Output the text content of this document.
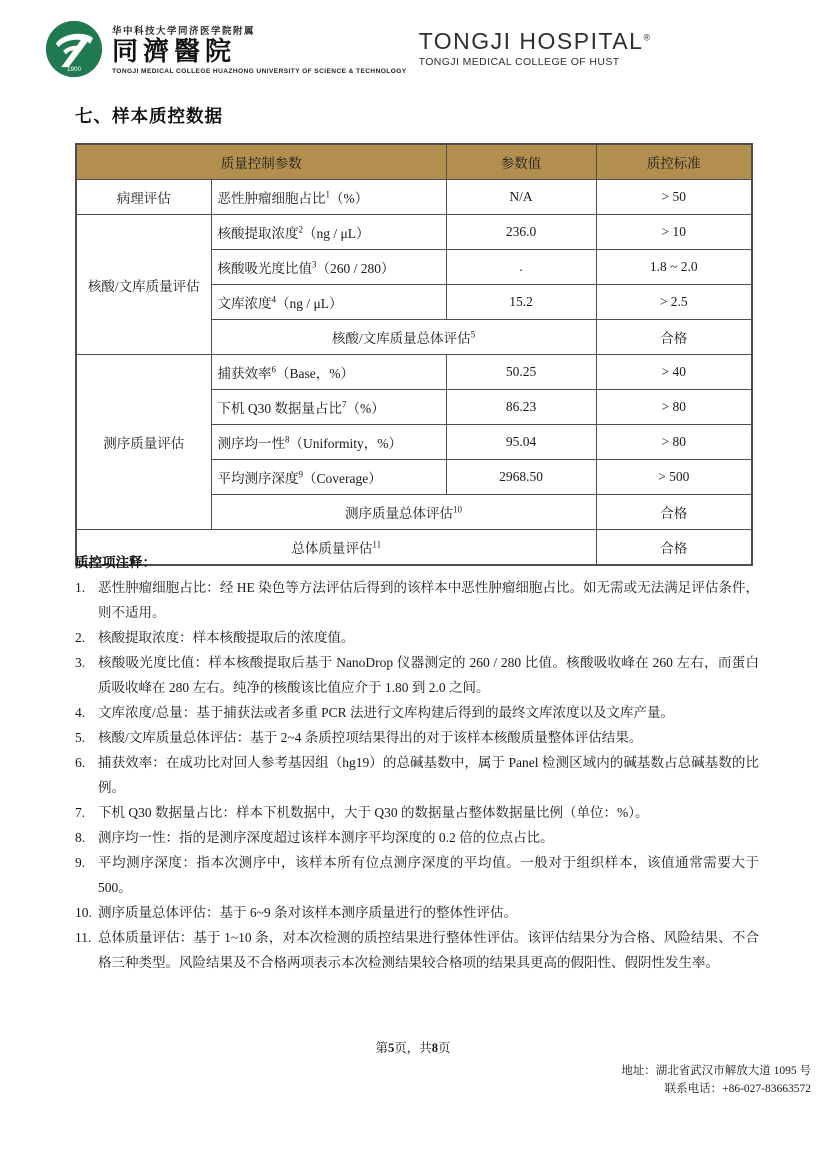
1900
华中科技大学同济医学院附属
同濟醫院
TONGJI MEDICAL COLLEGE HUAZHONG UNIVERSITY OF SCIENCE & TECHNOLOGY
TONGJI HOSPITAL®
TONGJI MEDICAL COLLEGE OF HUST
七、样本质控数据
质量控制参数		参数值	质控标准
病理评估	恶性肿瘤细胞占比$^1$（%）	N/A	> 50
核酸/文库质量评估	核酸提取浓度$^2$（ng / μL）	236.0	> 10
	核酸吸光度比值$^3$（260 / 280）	.	1.8 ~ 2.0
	文库浓度$^4$（ng / μL）	15.2	> 2.5
	核酸/文库质量总体评估$^5$		合格
测序质量评估	捕获效率$^6$（Base，%）	50.25	> 40
	下机 Q30 数据量占比$^7$（%）	86.23	> 80
	测序均一性$^8$（Uniformity，%）	95.04	> 80
	平均测序深度$^9$（Coverage）	2968.50	> 500
	测序质量总体评估$^{10}$		合格
总体质量评估$^{11}$			合格
质控项注释：
1. 恶性肿瘤细胞占比：经 HE 染色等方法评估后得到的该样本中恶性肿瘤细胞占比。如无需或无法满足评估条件，则不适用。
2. 核酸提取浓度：样本核酸提取后的浓度值。
3. 核酸吸光度比值：样本核酸提取后基于 NanoDrop 仪器测定的 260 / 280 比值。核酸吸收峰在 260 左右，而蛋白质吸收峰在 280 左右。纯净的核酸该比值应介于 1.80 到 2.0 之间。
4. 文库浓度/总量：基于捕获法或者多重 PCR 法进行文库构建后得到的最终文库浓度以及文库产量。
5. 核酸/文库质量总体评估：基于 2~4 条质控项结果得出的对于该样本核酸质量整体评估结果。
6. 捕获效率：在成功比对回人参考基因组（hg19）的总碱基数中，属于 Panel 检测区域内的碱基数占总碱基数的比例。
7. 下机 Q30 数据量占比：样本下机数据中，大于 Q30 的数据量占整体数据量比例（单位：%）。
8. 测序均一性：指的是测序深度超过该样本测序平均深度的 0.2 倍的位点占比。
9. 平均测序深度：指本次测序中，该样本所有位点测序深度的平均值。一般对于组织样本，该值通常需要大于 500。
10. 测序质量总体评估：基于 6~9 条对该样本测序质量进行的整体性评估。
11. 总体质量评估：基于 1~10 条，对本次检测的质控结果进行整体性评估。该评估结果分为合格、风险结果、不合格三种类型。风险结果及不合格两项表示本次检测结果较合格项的结果具更高的假阳性、假阴性发生率。
第5页，共8页
地址：湖北省武汉市解放大道 1095 号
联系电话：+86-027-83663572
